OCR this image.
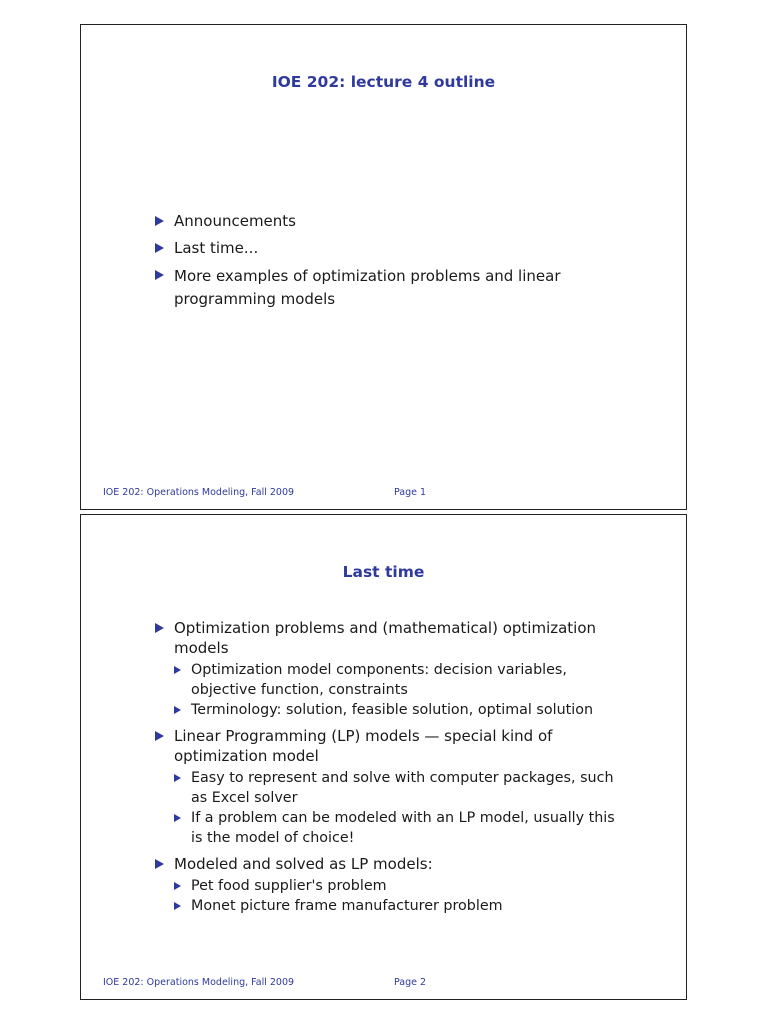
IOE 202: lecture 4 outline
Announcements
Last time...
More examples of optimization problems and linear programming models
IOE 202: Operations Modeling, Fall 2009	Page 1
Last time
Optimization problems and (mathematical) optimization models
Optimization model components: decision variables, objective function, constraints
Terminology: solution, feasible solution, optimal solution
Linear Programming (LP) models — special kind of optimization model
Easy to represent and solve with computer packages, such as Excel solver
If a problem can be modeled with an LP model, usually this is the model of choice!
Modeled and solved as LP models:
Pet food supplier's problem
Monet picture frame manufacturer problem
IOE 202: Operations Modeling, Fall 2009	Page 2
